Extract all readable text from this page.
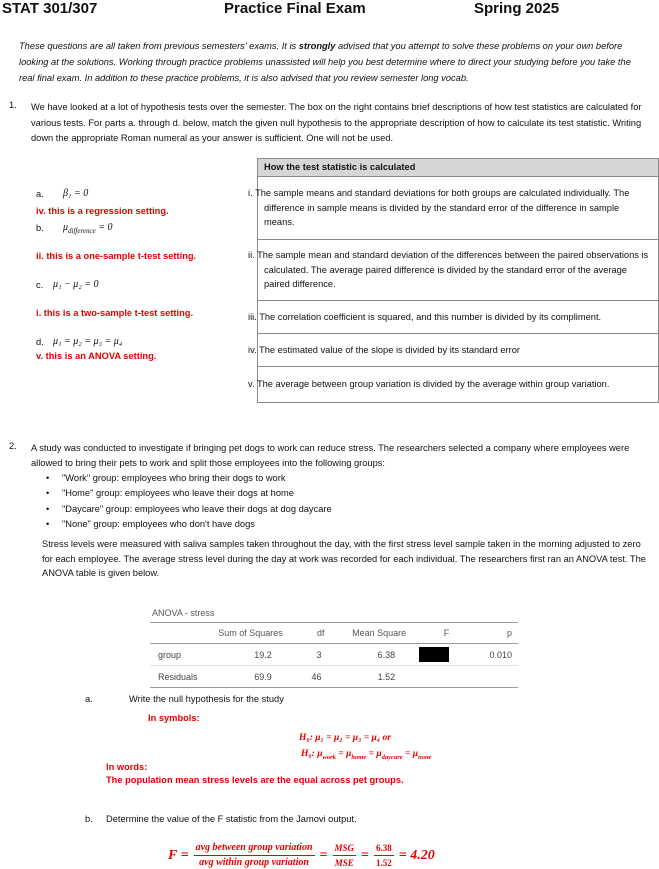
STAT 301/307	Practice Final Exam	Spring 2025
These questions are all taken from previous semesters' exams. It is strongly advised that you attempt to solve these problems on your own before looking at the solutions. Working through practice problems unassisted will help you best determine where to direct your studying before you take the real final exam. In addition to these practice problems, it is also advised that you review semester long vocab.
1. We have looked at a lot of hypothesis tests over the semester. The box on the right contains brief descriptions of how test statistics are calculated for various tests. For parts a. through d. below, match the given null hypothesis to the appropriate description of how to calculate its test statistic. Writing down the appropriate Roman numeral as your answer is sufficient. One will not be used.
a. β₁ = 0
iv. this is a regression setting.
b. $\mu_{difference} = 0$
ii. this is a one-sample t-test setting.
c. μ₁ − μ₂ = 0
i. this is a two-sample t-test setting.
d. μ₁ = μ₂ = μ₃ = μ₄
v. this is an ANOVA setting.
How the test statistic is calculated
i. The sample means and standard deviations for both groups are calculated individually. The difference in sample means is divided by the standard error of the difference in sample means.
ii. The sample mean and standard deviation of the differences between the paired observations is calculated. The average paired difference is divided by the standard error of the average paired difference.
iii. The correlation coefficient is squared, and this number is divided by its compliment.
iv. The estimated value of the slope is divided by its standard error
v. The average between group variation is divided by the average within group variation.
2. A study was conducted to investigate if bringing pet dogs to work can reduce stress. The researchers selected a company where employees were allowed to bring their pets to work and split those employees into the following groups:
• "Work" group: employees who bring their dogs to work
• "Home" group: employees who leave their dogs at home
• "Daycare" group: employees who leave their dogs at dog daycare
• "None" group: employees who don't have dogs
Stress levels were measured with saliva samples taken throughout the day, with the first stress level sample taken in the morning adjusted to zero for each employee. The average stress level during the day at work was recorded for each individual. The researchers first ran an ANOVA test. The ANOVA table is given below.
ANOVA - stress
	Sum of Squares	df	Mean Square	F	p
group	19.2	3	6.38		0.010
Residuals	69.9	46	1.52		
a.	Write the null hypothesis for the study
In symbols:
H₀: μ₁ = μ₂ = μ₃ = μ₄ or
H₀: $\mu_{work} = \mu_{home} = \mu_{daycare} = \mu_{none}$
In words:
The population mean stress levels are the equal across pet groups.
b. Determine the value of the F statistic from the Jamovi output.
$F = \frac{\text{avg between group variation}}{\text{avg within group variation}} = \frac{\text{MSG}}{\text{MSE}} = \frac{6.38}{1.52} = 4.20$
